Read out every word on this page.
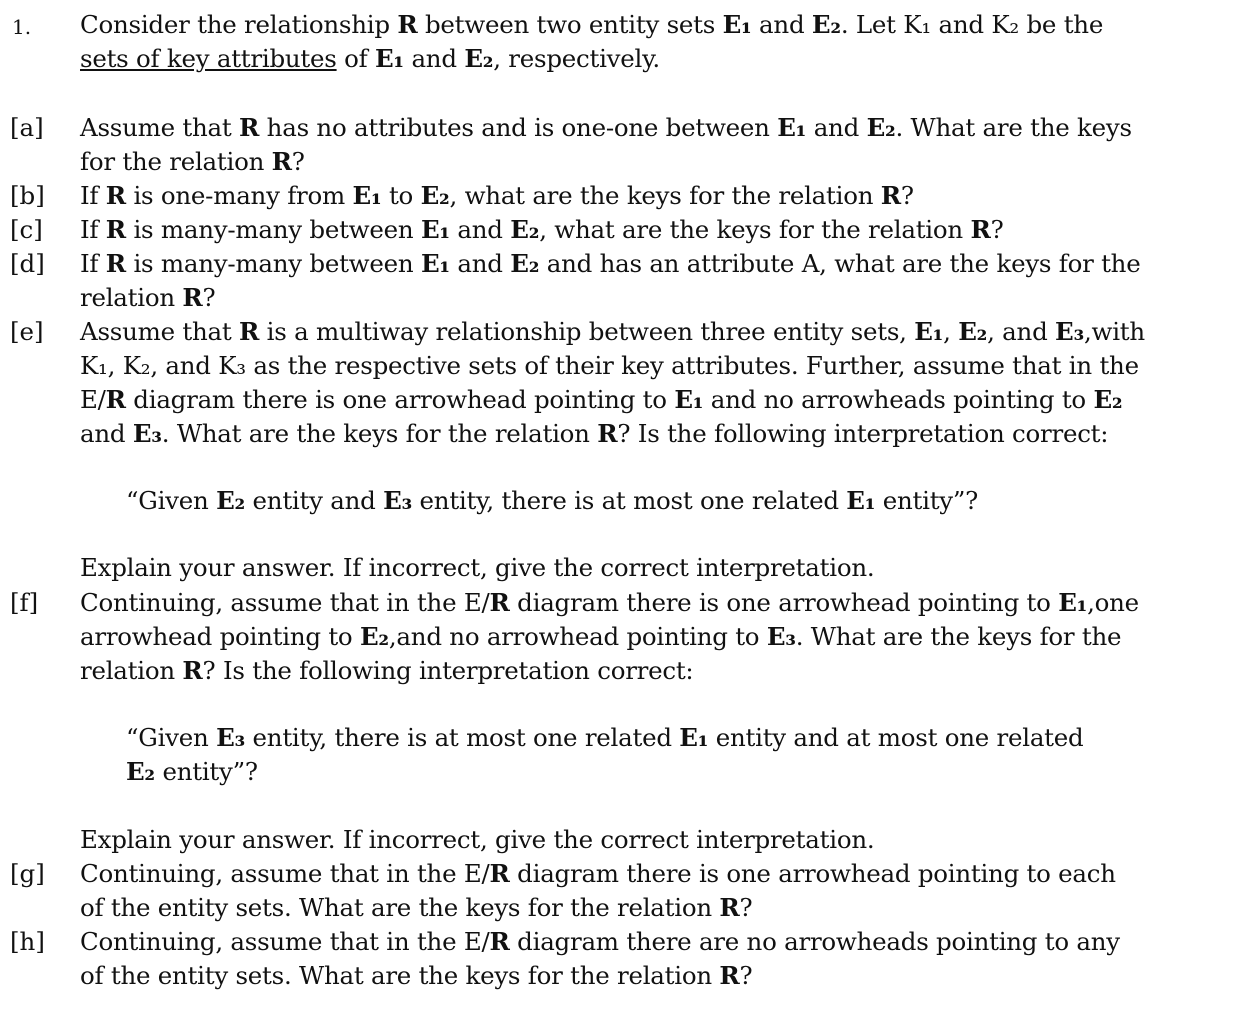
1. Consider the relationship R between two entity sets E₁ and E₂. Let K₁ and K₂ be the
sets of key attributes of E₁ and E₂, respectively.
[a]	Assume that R has no attributes and is one-one between E₁ and E₂. What are the keys
for the relation R?
[b]	If R is one-many from E₁ to E₂, what are the keys for the relation R?
[c]	If R is many-many between E₁ and E₂, what are the keys for the relation R?
[d]	If R is many-many between E₁ and E₂ and has an attribute A, what are the keys for the
relation R?
[e]	Assume that R is a multiway relationship between three entity sets, E₁, E₂, and E₃,with
K₁, K₂, and K₃ as the respective sets of their key attributes. Further, assume that in the
E/R diagram there is one arrowhead pointing to E₁ and no arrowheads pointing to E₂
and E₃. What are the keys for the relation R? Is the following interpretation correct:
“Given E₂ entity and E₃ entity, there is at most one related E₁ entity”?
Explain your answer. If incorrect, give the correct interpretation.
[f]	Continuing, assume that in the E/R diagram there is one arrowhead pointing to E₁,one
arrowhead pointing to E₂,and no arrowhead pointing to E₃. What are the keys for the
relation R? Is the following interpretation correct:
“Given E₃ entity, there is at most one related E₁ entity and at most one related
E₂ entity”?
Explain your answer. If incorrect, give the correct interpretation.
[g]	Continuing, assume that in the E/R diagram there is one arrowhead pointing to each
of the entity sets. What are the keys for the relation R?
[h]	Continuing, assume that in the E/R diagram there are no arrowheads pointing to any
of the entity sets. What are the keys for the relation R?
